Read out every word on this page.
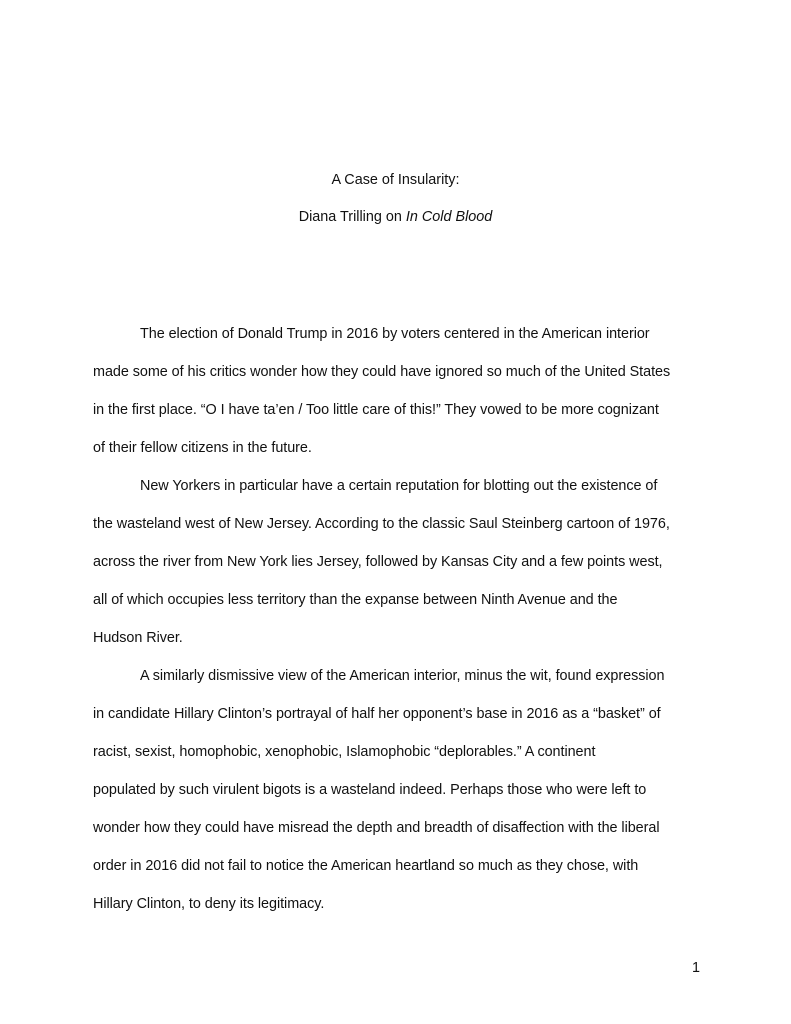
A Case of Insularity:
Diana Trilling on In Cold Blood

The election of Donald Trump in 2016 by voters centered in the American interior
made some of his critics wonder how they could have ignored so much of the United States
in the first place. “O I have ta’en / Too little care of this!” They vowed to be more cognizant
of their fellow citizens in the future.

New Yorkers in particular have a certain reputation for blotting out the existence of
the wasteland west of New Jersey. According to the classic Saul Steinberg cartoon of 1976,
across the river from New York lies Jersey, followed by Kansas City and a few points west,
all of which occupies less territory than the expanse between Ninth Avenue and the
Hudson River.

A similarly dismissive view of the American interior, minus the wit, found expression
in candidate Hillary Clinton’s portrayal of half her opponent’s base in 2016 as a “basket” of
racist, sexist, homophobic, xenophobic, Islamophobic “deplorables.” A continent
populated by such virulent bigots is a wasteland indeed. Perhaps those who were left to
wonder how they could have misread the depth and breadth of disaffection with the liberal
order in 2016 did not fail to notice the American heartland so much as they chose, with
Hillary Clinton, to deny its legitimacy.

1
